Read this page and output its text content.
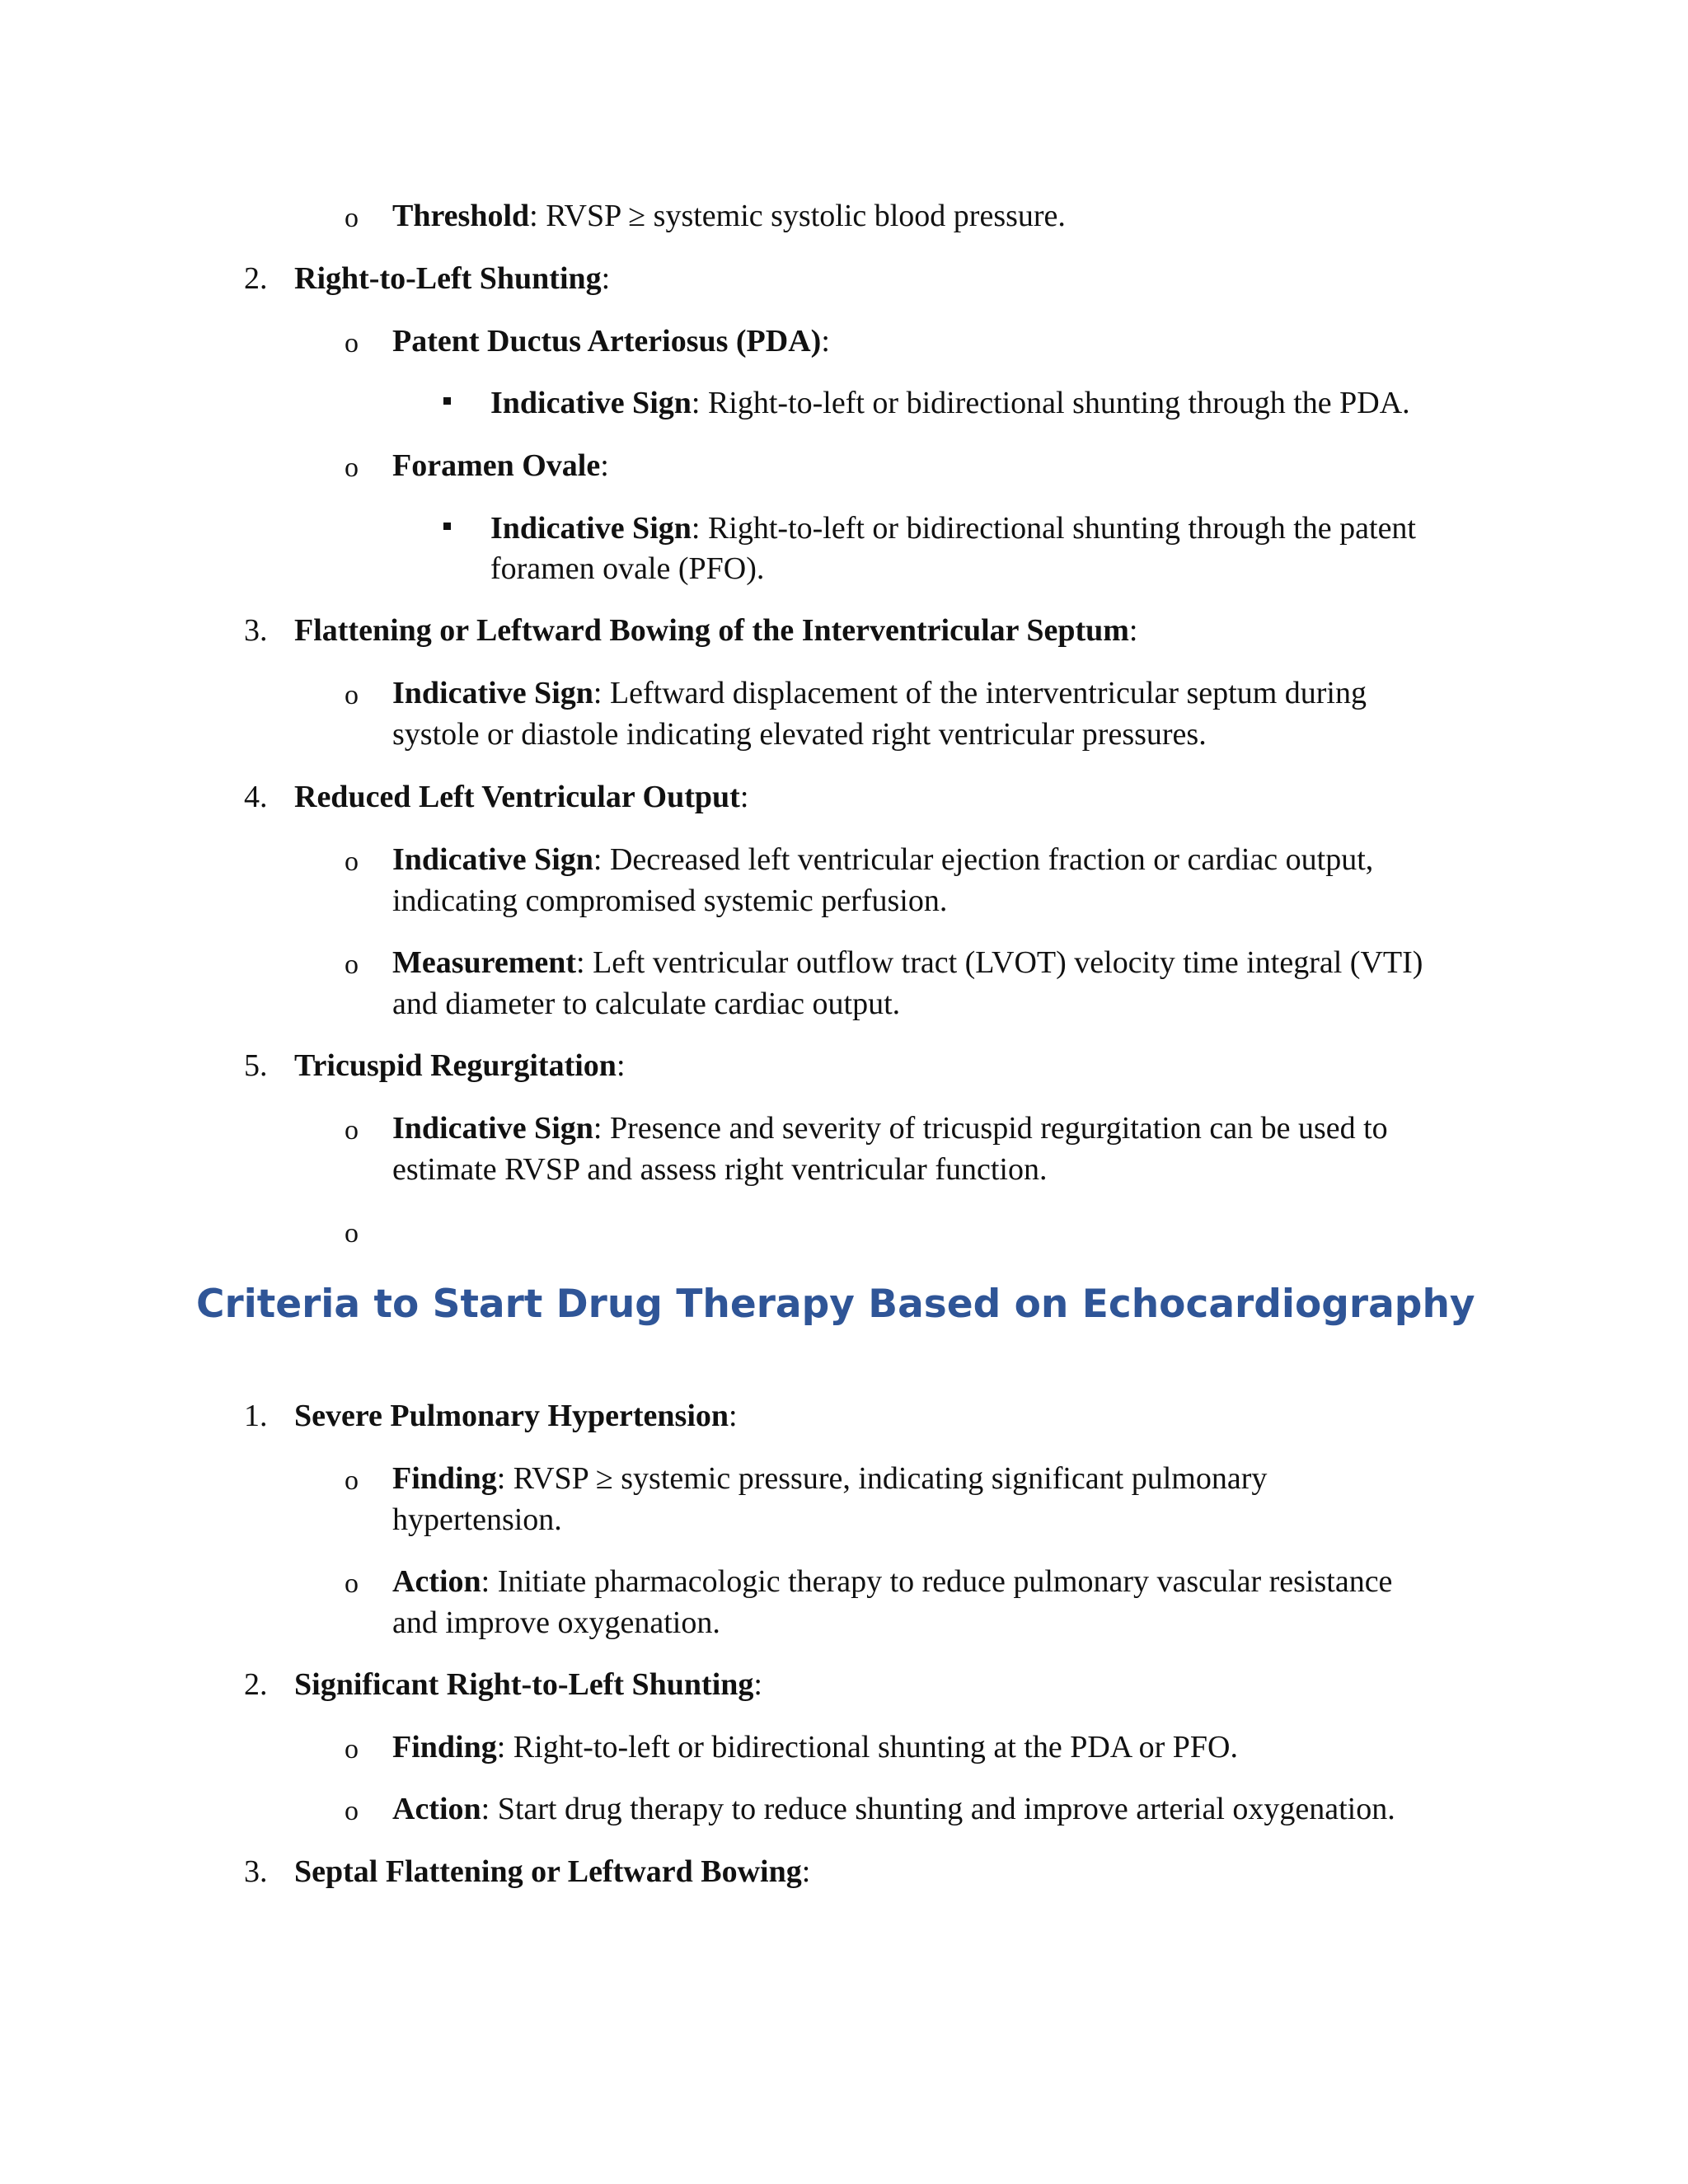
o Threshold: RVSP ≥ systemic systolic blood pressure.
2. Right-to-Left Shunting:
o Patent Ductus Arteriosus (PDA):
Indicative Sign: Right-to-left or bidirectional shunting through the PDA.
o Foramen Ovale:
Indicative Sign: Right-to-left or bidirectional shunting through the patent
foramen ovale (PFO).
3. Flattening or Leftward Bowing of the Interventricular Septum:
o Indicative Sign: Leftward displacement of the interventricular septum during
systole or diastole indicating elevated right ventricular pressures.
4. Reduced Left Ventricular Output:
o Indicative Sign: Decreased left ventricular ejection fraction or cardiac output,
indicating compromised systemic perfusion.
o Measurement: Left ventricular outflow tract (LVOT) velocity time integral (VTI)
and diameter to calculate cardiac output.
5. Tricuspid Regurgitation:
o Indicative Sign: Presence and severity of tricuspid regurgitation can be used to
estimate RVSP and assess right ventricular function.
o
Criteria to Start Drug Therapy Based on Echocardiography
1. Severe Pulmonary Hypertension:
o Finding: RVSP ≥ systemic pressure, indicating significant pulmonary
hypertension.
o Action: Initiate pharmacologic therapy to reduce pulmonary vascular resistance
and improve oxygenation.
2. Significant Right-to-Left Shunting:
o Finding: Right-to-left or bidirectional shunting at the PDA or PFO.
o Action: Start drug therapy to reduce shunting and improve arterial oxygenation.
3. Septal Flattening or Leftward Bowing:
